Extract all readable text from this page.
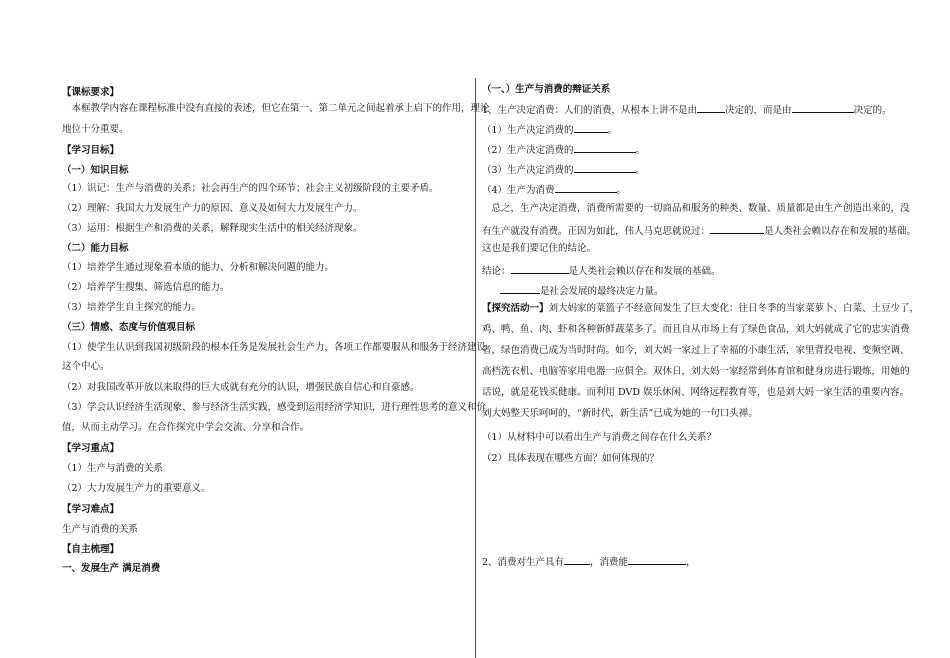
【课标要求】
　本框教学内容在课程标准中没有直接的表述，但它在第一、第二单元之间起着承上启下的作用，理论
地位十分重要。
【学习目标】
（一）知识目标
（1）识记：生产与消费的关系；社会再生产的四个环节；社会主义初级阶段的主要矛盾。
（2）理解：我国大力发展生产力的原因、意义及如何大力发展生产力。
（3）运用：根据生产和消费的关系，解释现实生活中的相关经济现象。
（二）能力目标
（1）培养学生通过现象看本质的能力、分析和解决问题的能力。
（2）培养学生搜集、筛选信息的能力。
（3）培养学生自主探究的能力。
（三）情感、态度与价值观目标
（1）使学生认识到我国初级阶段的根本任务是发展社会生产力，各项工作都要服从和服务于经济建设
这个中心。
（2）对我国改革开放以来取得的巨大成就有充分的认识，增强民族自信心和自豪感。
（3）学会认识经济生活现象、参与经济生活实践，感受到运用经济学知识，进行理性思考的意义和价
值，从而主动学习。在合作探究中学会交流、分享和合作。
【学习重点】
（1）生产与消费的关系
（2）大力发展生产力的重要意义。
【学习难点】
生产与消费的关系
【自主梳理】
一、发展生产 满足消费
（一、）生产与消费的辩证关系
1、生产决定消费：人们的消费，从根本上讲不是由	决定的，而是由	决定的。
（1）生产决定消费的	。
（2）生产决定消费的	。
（3）生产决定消费的	。
（4）生产为消费	。
　总之，生产决定消费，消费所需要的一切商品和服务的种类、数量、质量都是由生产创造出来的，没
有生产就没有消费。正因为如此，伟人马克思就说过：	是人类社会赖以存在和发展的基础。
这也是我们要记住的结论。
结论：	是人类社会赖以存在和发展的基础。
是社会发展的最终决定力量。
【探究活动一】刘大妈家的菜篮子不经意间发生了巨大变化：往日冬季的当家菜萝卜、白菜、土豆少了，
鸡、鸭、鱼、肉、虾和各种新鲜蔬菜多了。而且自从市场上有了绿色食品，刘大妈就成了它的忠实消费
者，绿色消费已成为当时时尚。如今，刘大妈一家过上了幸福的小康生活，家里背投电视、变频空调、
高档洗衣机、电脑等家用电器一应俱全。双休日，刘大妈一家经常到体育馆和健身房进行锻炼，用她的
话说，就是花钱买健康。而利用 DVD 娱乐休闲、网络远程教育等，也是刘大妈一家生活的重要内容。
刘大妈整天乐呵呵的，“新时代，新生活”已成为她的一句口头禅。
（1）从材料中可以看出生产与消费之间存在什么关系？
（2）具体表现在哪些方面？如何体现的？
2、消费对生产具有	，消费能	，
